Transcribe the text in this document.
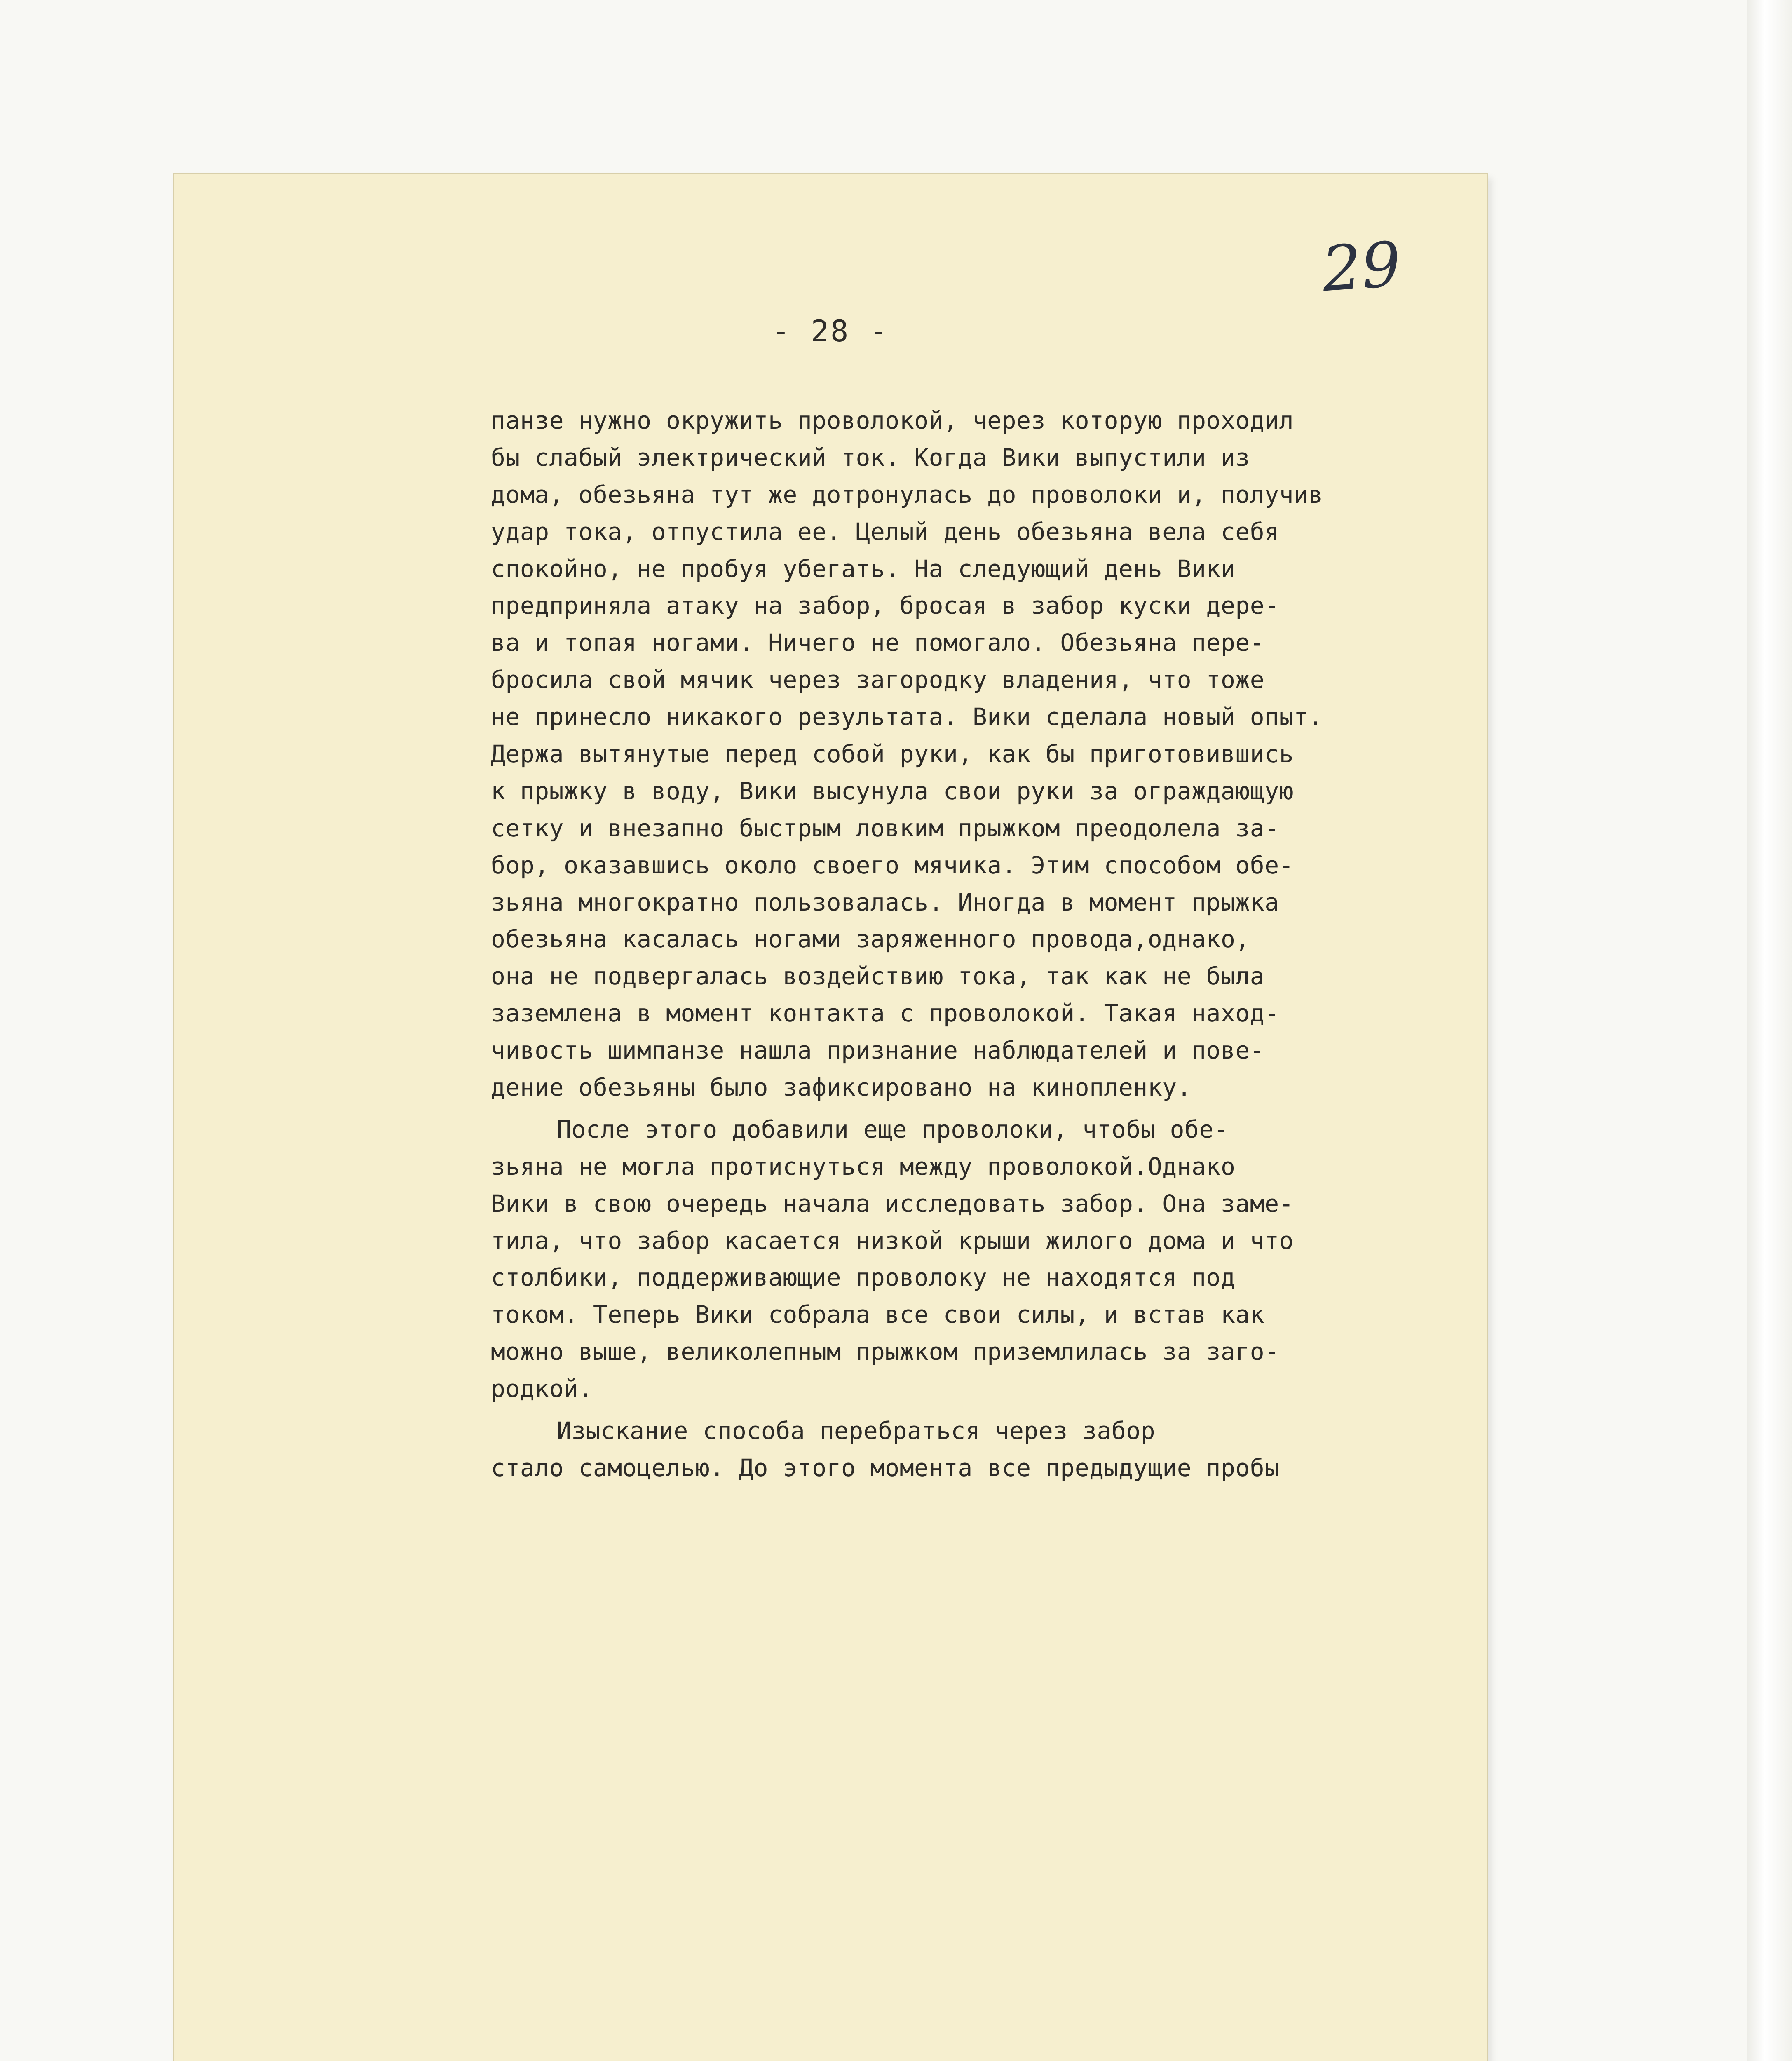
29
- 28 -
панзе нужно окружить проволокой, через которую проходил
бы слабый электрический ток. Когда Вики выпустили из
дома, обезьяна тут же дотронулась до проволоки и, получив
удар тока, отпустила ее. Целый день обезьяна вела себя
спокойно, не пробуя убегать. На следующий день Вики
предприняла атаку на забор, бросая в забор куски дере-
ва и топая ногами. Ничего не помогало. Обезьяна пере-
бросила свой мячик через загородку владения, что тоже
не принесло никакого результата. Вики сделала новый опыт.
Держа вытянутые перед собой руки, как бы приготовившись
к прыжку в воду, Вики высунула свои руки за ограждающую
сетку и внезапно быстрым ловким прыжком преодолела за-
бор, оказавшись около своего мячика. Этим способом обе-
зьяна многократно пользовалась. Иногда в момент прыжка
обезьяна касалась ногами заряженного провода,однако,
она не подвергалась воздействию тока, так как не была
заземлена в момент контакта с проволокой. Такая наход-
чивость шимпанзе нашла признание наблюдателей и пове-
дение обезьяны было зафиксировано на кинопленку.
После этого добавили еще проволоки, чтобы обе-
зьяна не могла протиснуться между проволокой.Однако
Вики в свою очередь начала исследовать забор. Она заме-
тила, что забор касается низкой крыши жилого дома и что
столбики, поддерживающие проволоку не находятся под
током. Теперь Вики собрала все свои силы, и встав как
можно выше, великолепным прыжком приземлилась за заго-
родкой.
Изыскание способа перебраться через забор
стало самоцелью. До этого момента все предыдущие пробы
